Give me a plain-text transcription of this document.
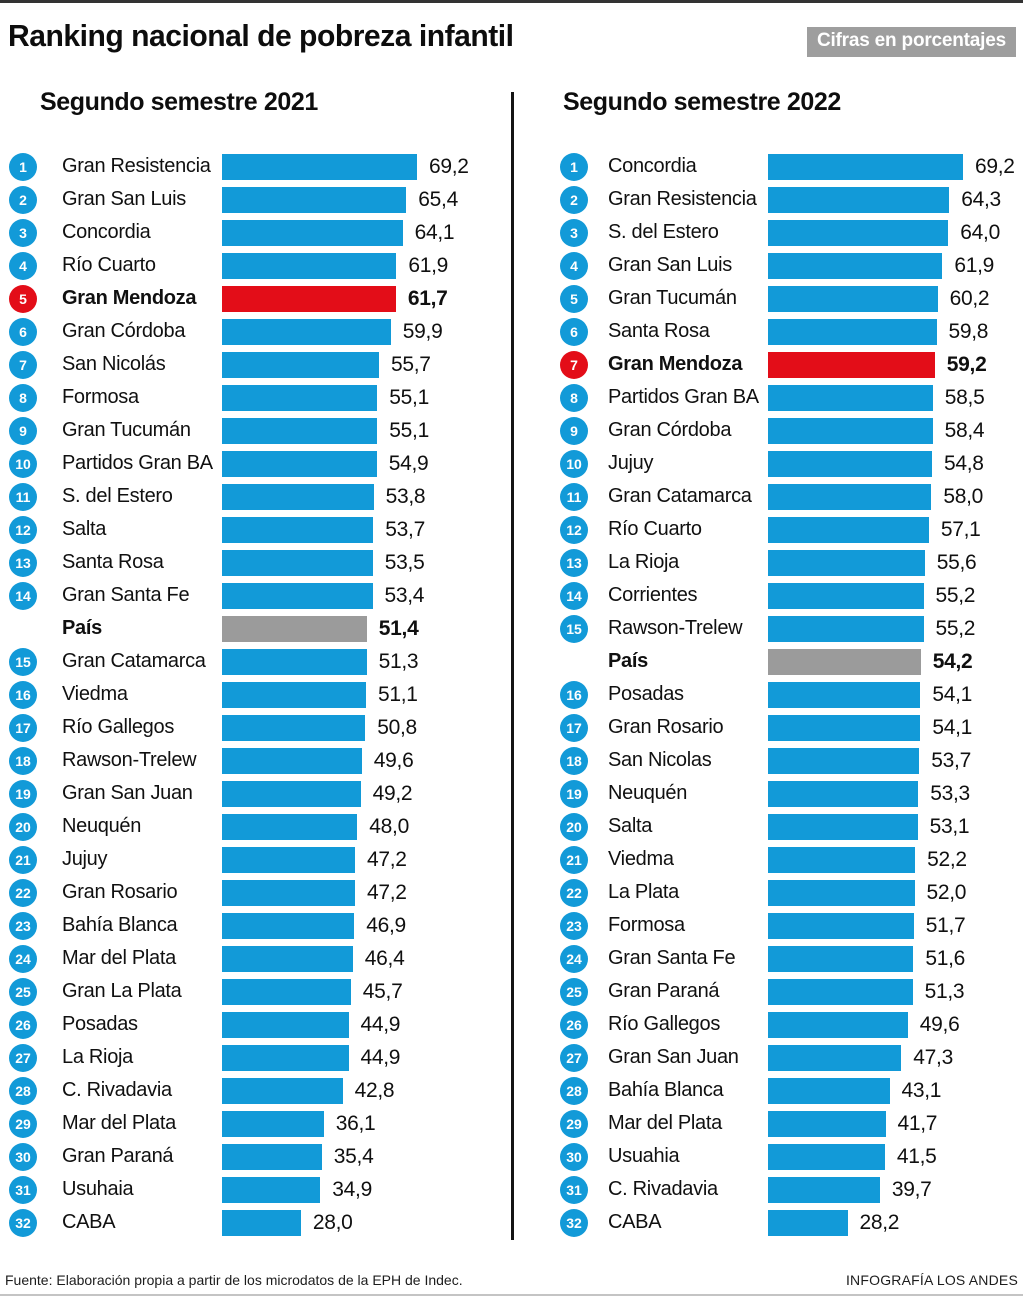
Ranking nacional de pobreza infantil	Cifras en porcentajes
Segundo semestre 2021	Segundo semestre 2022
1	Gran Resistencia	69,2
2	Gran San Luis	65,4
3	Concordia	64,1
4	Río Cuarto	61,9
5	Gran Mendoza	61,7
6	Gran Córdoba	59,9
7	San Nicolás	55,7
8	Formosa	55,1
9	Gran Tucumán	55,1
10	Partidos Gran BA	54,9
11	S. del Estero	53,8
12	Salta	53,7
13	Santa Rosa	53,5
14	Gran Santa Fe	53,4
País	51,4
15	Gran Catamarca	51,3
16	Viedma	51,1
17	Río Gallegos	50,8
18	Rawson-Trelew	49,6
19	Gran San Juan	49,2
20	Neuquén	48,0
21	Jujuy	47,2
22	Gran Rosario	47,2
23	Bahía Blanca	46,9
24	Mar del Plata	46,4
25	Gran La Plata	45,7
26	Posadas	44,9
27	La Rioja	44,9
28	C. Rivadavia	42,8
29	Mar del Plata	36,1
30	Gran Paraná	35,4
31	Usuhaia	34,9
32	CABA	28,0
1	Concordia	69,2
2	Gran Resistencia	64,3
3	S. del Estero	64,0
4	Gran San Luis	61,9
5	Gran Tucumán	60,2
6	Santa Rosa	59,8
7	Gran Mendoza	59,2
8	Partidos Gran BA	58,5
9	Gran Córdoba	58,4
10	Jujuy	54,8
11	Gran Catamarca	58,0
12	Río Cuarto	57,1
13	La Rioja	55,6
14	Corrientes	55,2
15	Rawson-Trelew	55,2
País	54,2
16	Posadas	54,1
17	Gran Rosario	54,1
18	San Nicolas	53,7
19	Neuquén	53,3
20	Salta	53,1
21	Viedma	52,2
22	La Plata	52,0
23	Formosa	51,7
24	Gran Santa Fe	51,6
25	Gran Paraná	51,3
26	Río Gallegos	49,6
27	Gran San Juan	47,3
28	Bahía Blanca	43,1
29	Mar del Plata	41,7
30	Usuahia	41,5
31	C. Rivadavia	39,7
32	CABA	28,2
Fuente: Elaboración propia a partir de los microdatos de la EPH de Indec.	INFOGRAFÍA LOS ANDES
